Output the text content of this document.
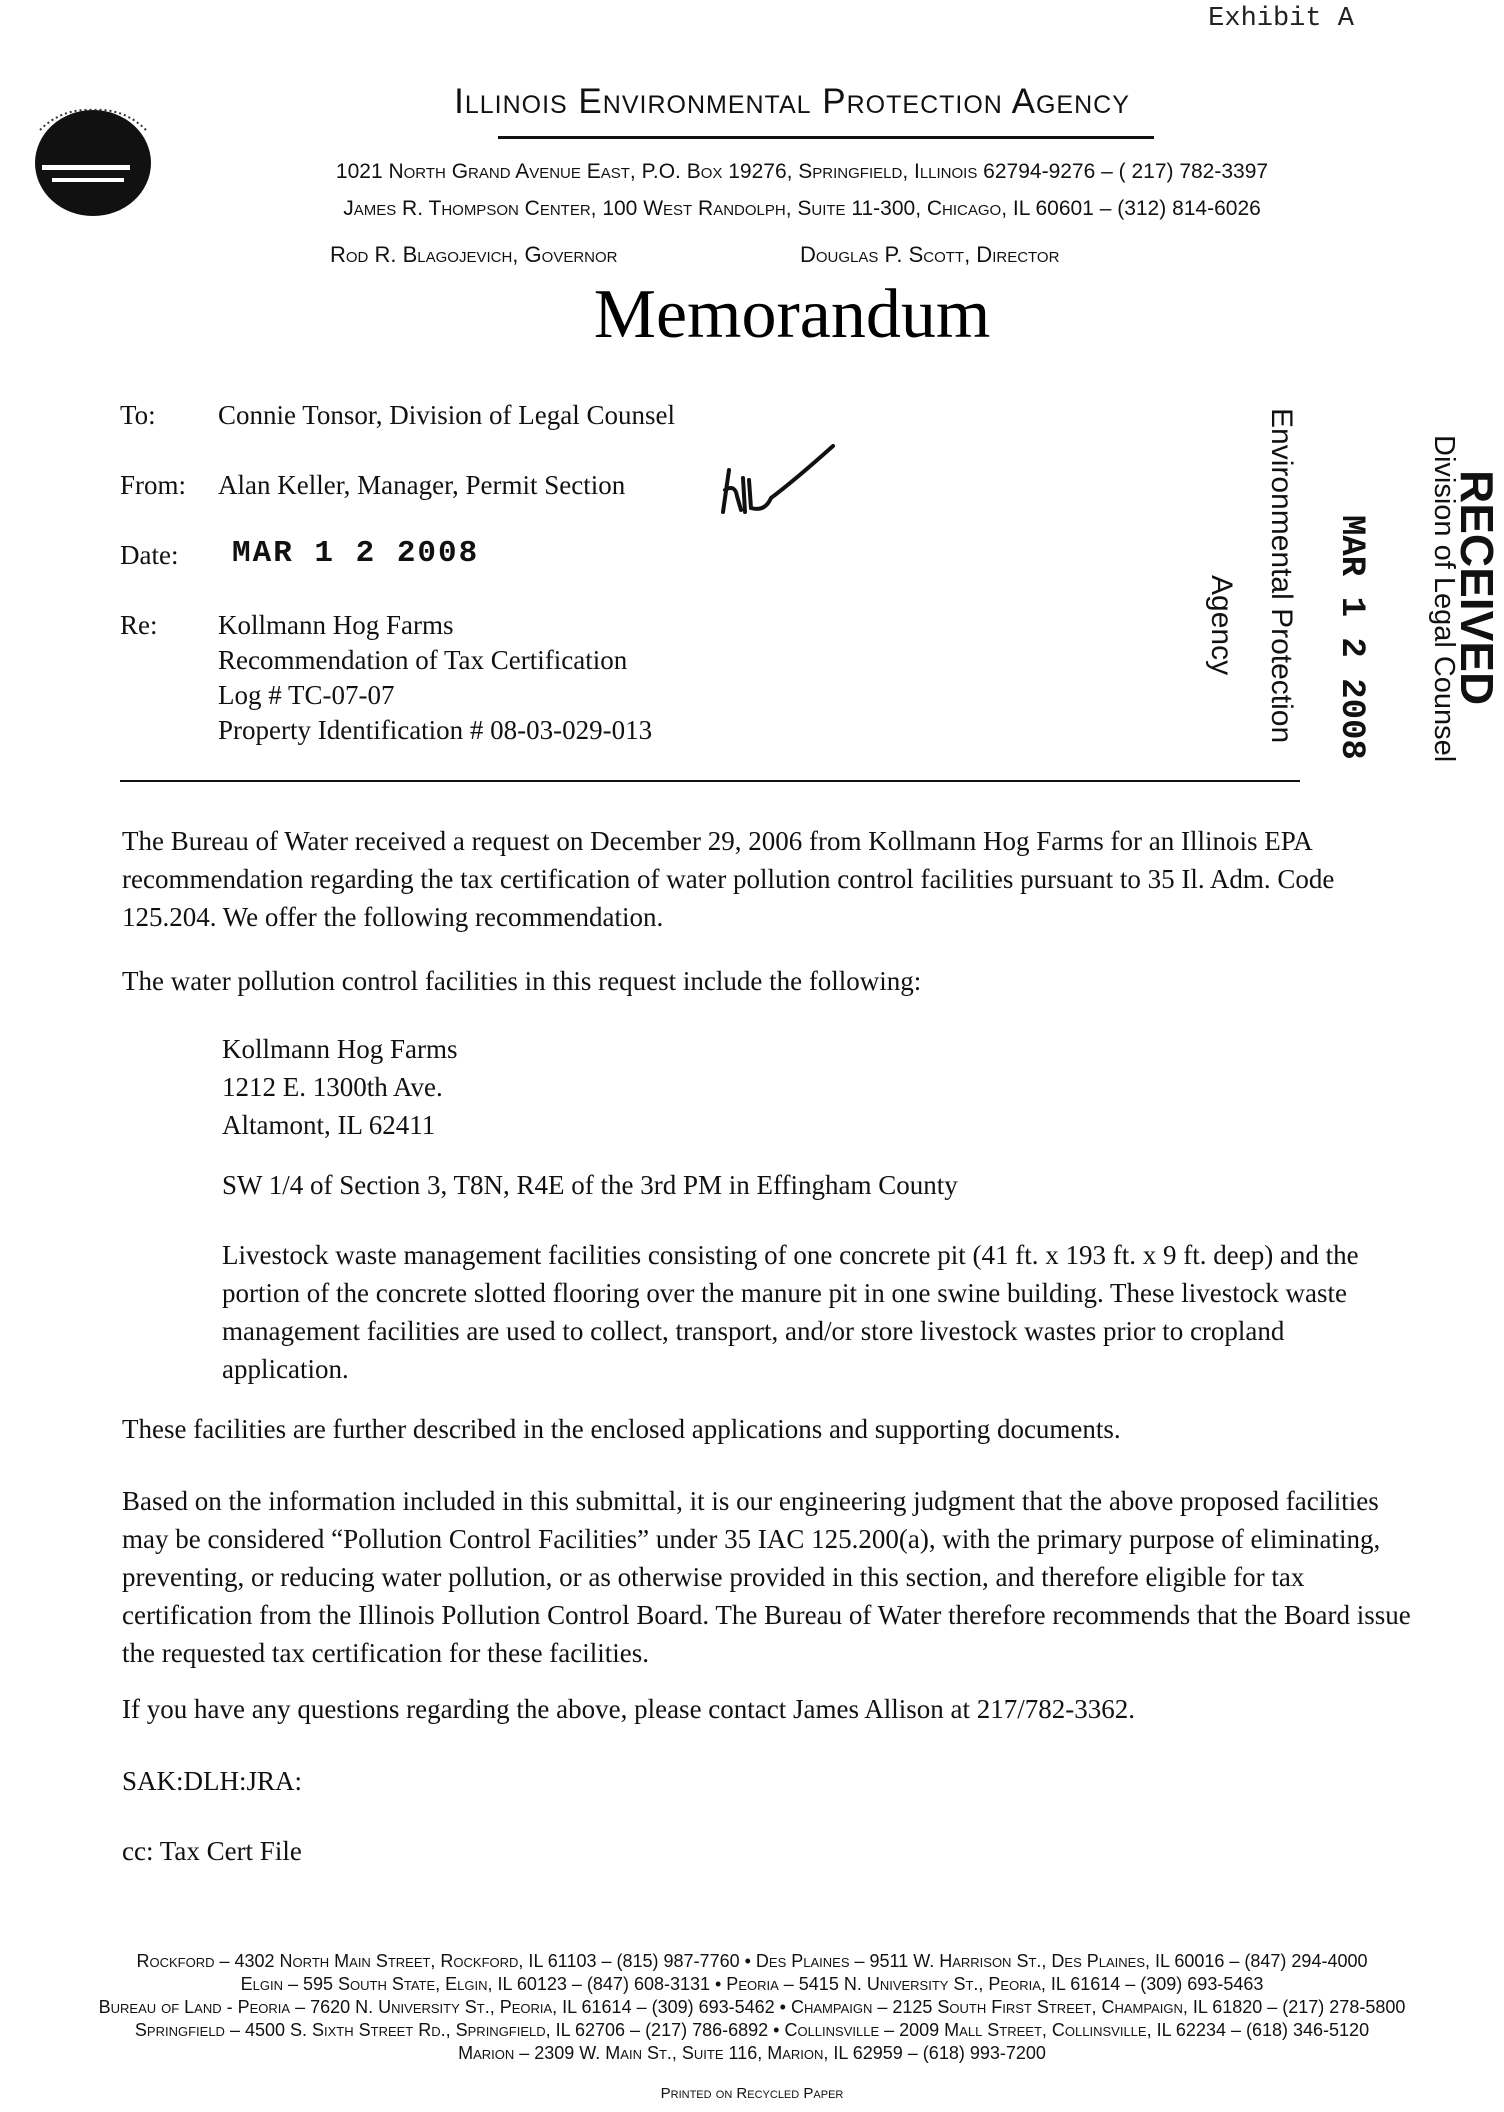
Exhibit A
Illinois Environmental Protection Agency
1021 North Grand Avenue East, P.O. Box 19276, Springfield, Illinois 62794-9276 – ( 217) 782-3397
James R. Thompson Center, 100 West Randolph, Suite 11-300, Chicago, IL 60601 – (312) 814-6026
Rod R. Blagojevich, Governor	Douglas P. Scott, Director
Memorandum
To: Connie Tonsor, Division of Legal Counsel
From: Alan Keller, Manager, Permit Section
Date: MAR 1 2 2008
Re: Kollmann Hog Farms
Recommendation of Tax Certification
Log # TC-07-07
Property Identification # 08-03-029-013	Environmental Protection
Agency	MAR 1 2 2008 Division of Legal Counsel
RECEIVED

The Bureau of Water received a request on December 29, 2006 from Kollmann Hog Farms for an Illinois EPA recommendation regarding the tax certification of water pollution control facilities pursuant to 35 Il. Adm. Code 125.204. We offer the following recommendation.

The water pollution control facilities in this request include the following:

Kollmann Hog Farms

1212 E. 1300th Ave.

Altamont, IL 62411

SW 1/4 of Section 3, T8N, R4E of the 3rd PM in Effingham County

Livestock waste management facilities consisting of one concrete pit (41 ft. x 193 ft. x 9 ft. deep) and the portion of the concrete slotted flooring over the manure pit in one swine building. These livestock waste management facilities are used to collect, transport, and/or store livestock wastes prior to cropland application.

These facilities are further described in the enclosed applications and supporting documents.

Based on the information included in this submittal, it is our engineering judgment that the above proposed facilities may be considered “Pollution Control Facilities” under 35 IAC 125.200(a), with the primary purpose of eliminating, preventing, or reducing water pollution, or as otherwise provided in this section, and therefore eligible for tax certification from the Illinois Pollution Control Board. The Bureau of Water therefore recommends that the Board issue the requested tax certification for these facilities.

If you have any questions regarding the above, please contact James Allison at 217/782-3362.

SAK:DLH:JRA:

cc: Tax Cert File

Rockford – 4302 North Main Street, Rockford, IL 61103 – (815) 987-7760 • Des Plaines – 9511 W. Harrison St., Des Plaines, IL 60016 – (847) 294-4000
Elgin – 595 South State, Elgin, IL 60123 – (847) 608-3131 • Peoria – 5415 N. University St., Peoria, IL 61614 – (309) 693-5463
Bureau of Land - Peoria – 7620 N. University St., Peoria, IL 61614 – (309) 693-5462 • Champaign – 2125 South First Street, Champaign, IL 61820 – (217) 278-5800
Springfield – 4500 S. Sixth Street Rd., Springfield, IL 62706 – (217) 786-6892 • Collinsville – 2009 Mall Street, Collinsville, IL 62234 – (618) 346-5120
Marion – 2309 W. Main St., Suite 116, Marion, IL 62959 – (618) 993-7200
Printed on Recycled Paper
